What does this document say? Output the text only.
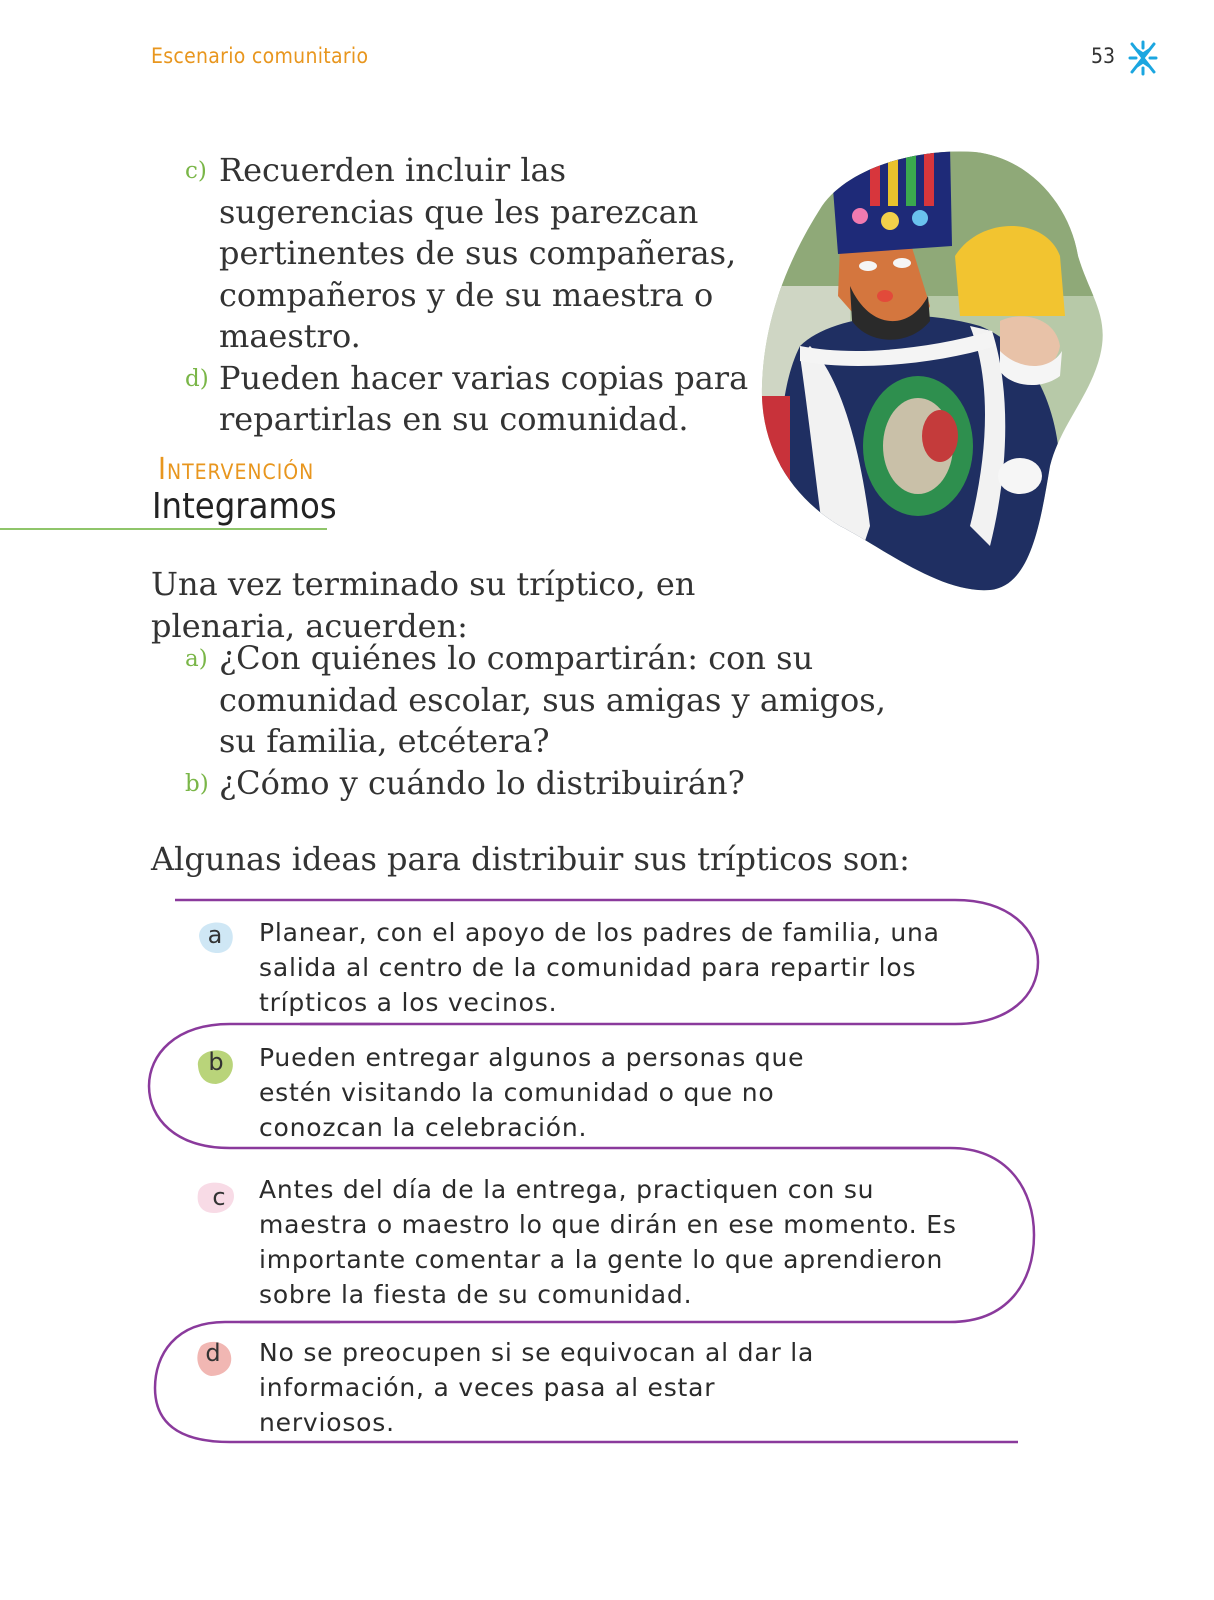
Escenario comunitario	53
c) Recuerden incluir las sugerencias que les parezcan pertinentes de sus compañeras, compañeros y de su maestra o maestro.
d) Pueden hacer varias copias para repartirlas en su comunidad.
Intervención
Integramos

Una vez terminado su tríptico, en plenaria, acuerden:

a) ¿Con quiénes lo compartirán: con su comunidad escolar, sus amigas y amigos, su familia, etcétera?
b) ¿Cómo y cuándo lo distribuirán?

Algunas ideas para distribuir sus trípticos son:

a
b
c
d

Planear, con el apoyo de los padres de familia, una salida al centro de la comunidad para repartir los trípticos a los vecinos.

Pueden entregar algunos a personas que estén visitando la comunidad o que no conozcan la celebración.

Antes del día de la entrega, practiquen con su maestra o maestro lo que dirán en ese momento. Es importante comentar a la gente lo que aprendieron sobre la fiesta de su comunidad.

No se preocupen si se equivocan al dar la información, a veces pasa al estar nerviosos.
